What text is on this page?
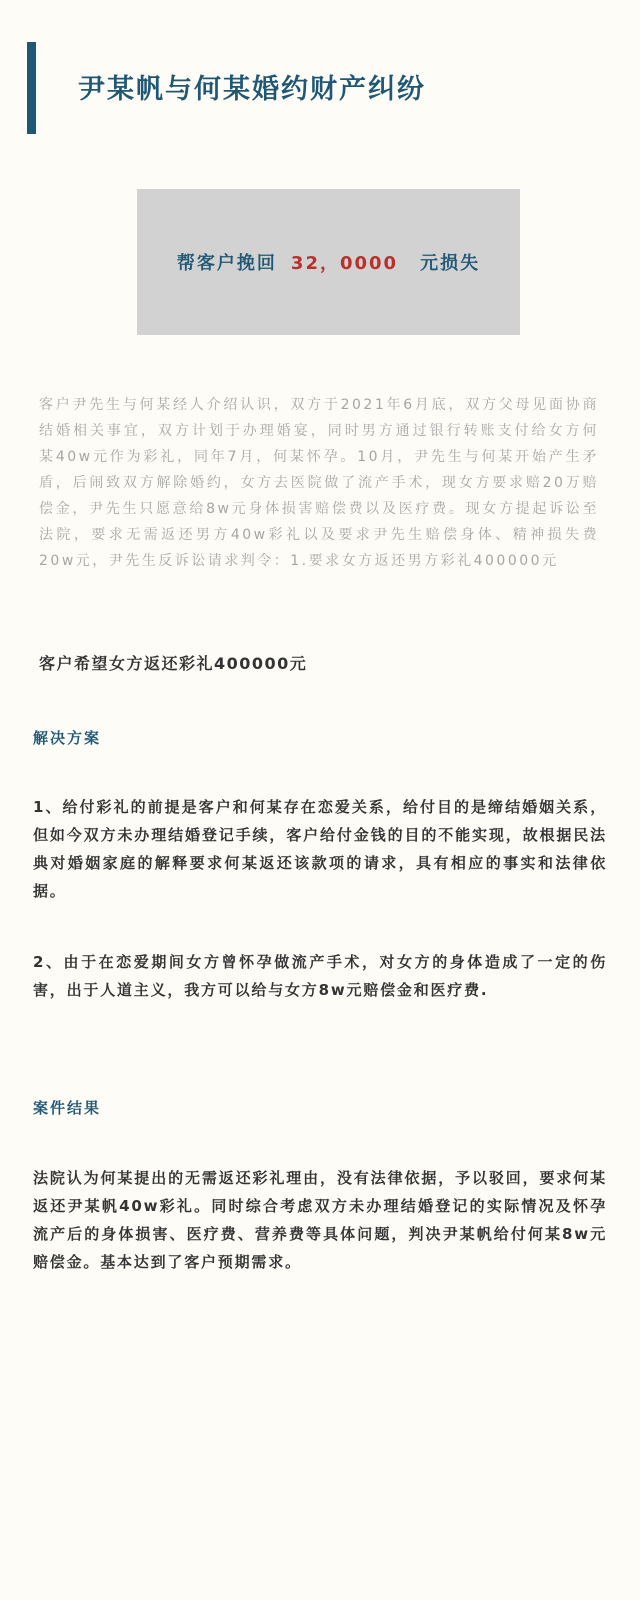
尹某帆与何某婚约财产纠纷
帮客户挽回 32，0000 元损失

客户尹先生与何某经人介绍认识，双方于2021年6月底，双方父母见面协商结婚相关事宜，双方计划于办理婚宴，同时男方通过银行转账支付给女方何某40w元作为彩礼，同年7月，何某怀孕。10月，尹先生与何某开始产生矛盾，后闹致双方解除婚约，女方去医院做了流产手术，现女方要求赔20万赔偿金，尹先生只愿意给8w元身体损害赔偿费以及医疗费。现女方提起诉讼至法院，要求无需返还男方40w彩礼以及要求尹先生赔偿身体、精神损失费20w元，尹先生反诉讼请求判令：1.要求女方返还男方彩礼400000元

客户希望女方返还彩礼400000元

解决方案

1、给付彩礼的前提是客户和何某存在恋爱关系，给付目的是缔结婚姻关系，但如今双方未办理结婚登记手续，客户给付金钱的目的不能实现，故根据民法典对婚姻家庭的解释要求何某返还该款项的请求，具有相应的事实和法律依据。

2、由于在恋爱期间女方曾怀孕做流产手术，对女方的身体造成了一定的伤害，出于人道主义，我方可以给与女方8w元赔偿金和医疗费.

案件结果

法院认为何某提出的无需返还彩礼理由，没有法律依据，予以驳回，要求何某返还尹某帆40w彩礼。同时综合考虑双方未办理结婚登记的实际情况及怀孕流产后的身体损害、医疗费、营养费等具体问题，判决尹某帆给付何某8w元赔偿金。基本达到了客户预期需求。
